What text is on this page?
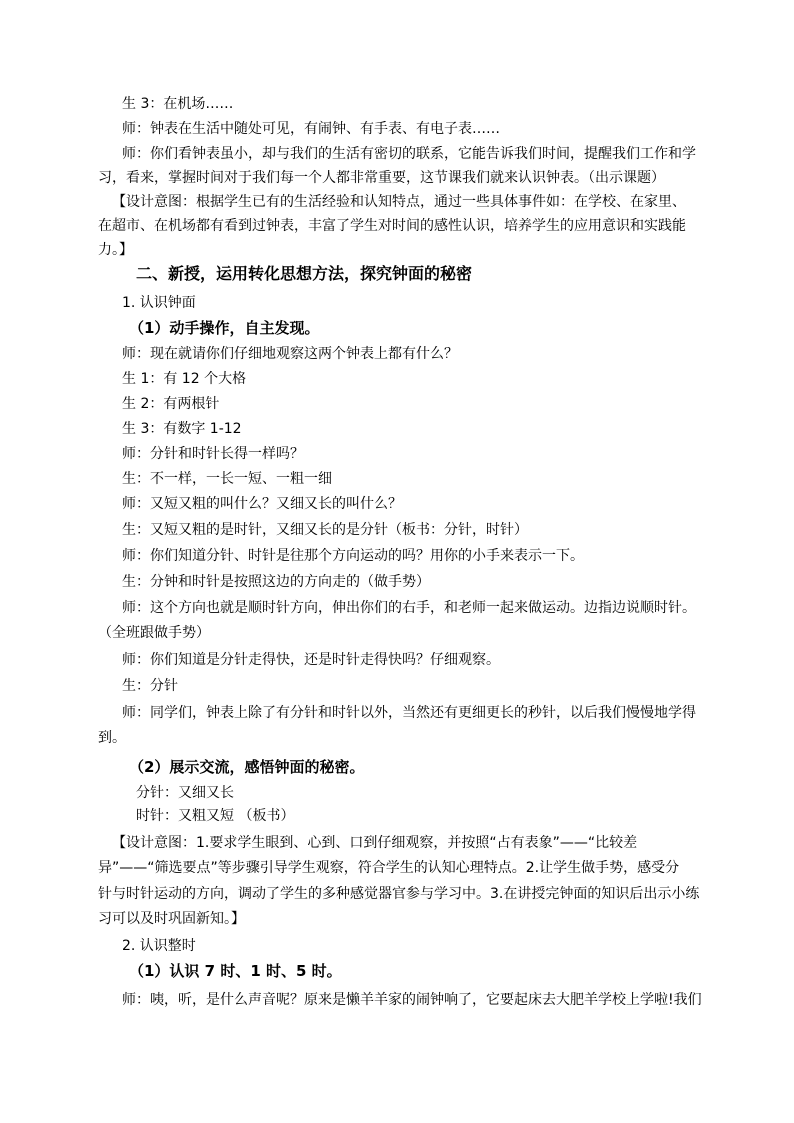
生 3：在机场……
师：钟表在生活中随处可见，有闹钟、有手表、有电子表……
师：你们看钟表虽小，却与我们的生活有密切的联系，它能告诉我们时间，提醒我们工作和学
习，看来，掌握时间对于我们每一个人都非常重要，这节课我们就来认识钟表。（出示课题）
【设计意图：根据学生已有的生活经验和认知特点，通过一些具体事件如：在学校、在家里、
在超市、在机场都有看到过钟表，丰富了学生对时间的感性认识，培养学生的应用意识和实践能
力。】
二、新授，运用转化思想方法，探究钟面的秘密
1. 认识钟面
（1）动手操作，自主发现。
师：现在就请你们仔细地观察这两个钟表上都有什么？
生 1：有 12 个大格
生 2：有两根针
生 3：有数字 1-12
师：分针和时针长得一样吗？
生：不一样，一长一短、一粗一细
师：又短又粗的叫什么？又细又长的叫什么？
生：又短又粗的是时针，又细又长的是分针（板书：分针，时针）
师：你们知道分针、时针是往那个方向运动的吗？用你的小手来表示一下。
生：分钟和时针是按照这边的方向走的（做手势）
师：这个方向也就是顺时针方向，伸出你们的右手，和老师一起来做运动。边指边说顺时针。
（全班跟做手势）
师：你们知道是分针走得快，还是时针走得快吗？仔细观察。
生：分针
师：同学们，钟表上除了有分针和时针以外，当然还有更细更长的秒针，以后我们慢慢地学得
到。
（2）展示交流，感悟钟面的秘密。
分针：又细又长
时针：又粗又短 （板书）
【设计意图：1.要求学生眼到、心到、口到仔细观察，并按照“占有表象”——“比较差
异”——“筛选要点”等步骤引导学生观察，符合学生的认知心理特点。2.让学生做手势，感受分
针与时针运动的方向，调动了学生的多种感觉器官参与学习中。3.在讲授完钟面的知识后出示小练
习可以及时巩固新知。】
2. 认识整时
（1）认识 7 时、1 时、5 时。
师：咦，听，是什么声音呢？原来是懒羊羊家的闹钟响了，它要起床去大肥羊学校上学啦!我们
